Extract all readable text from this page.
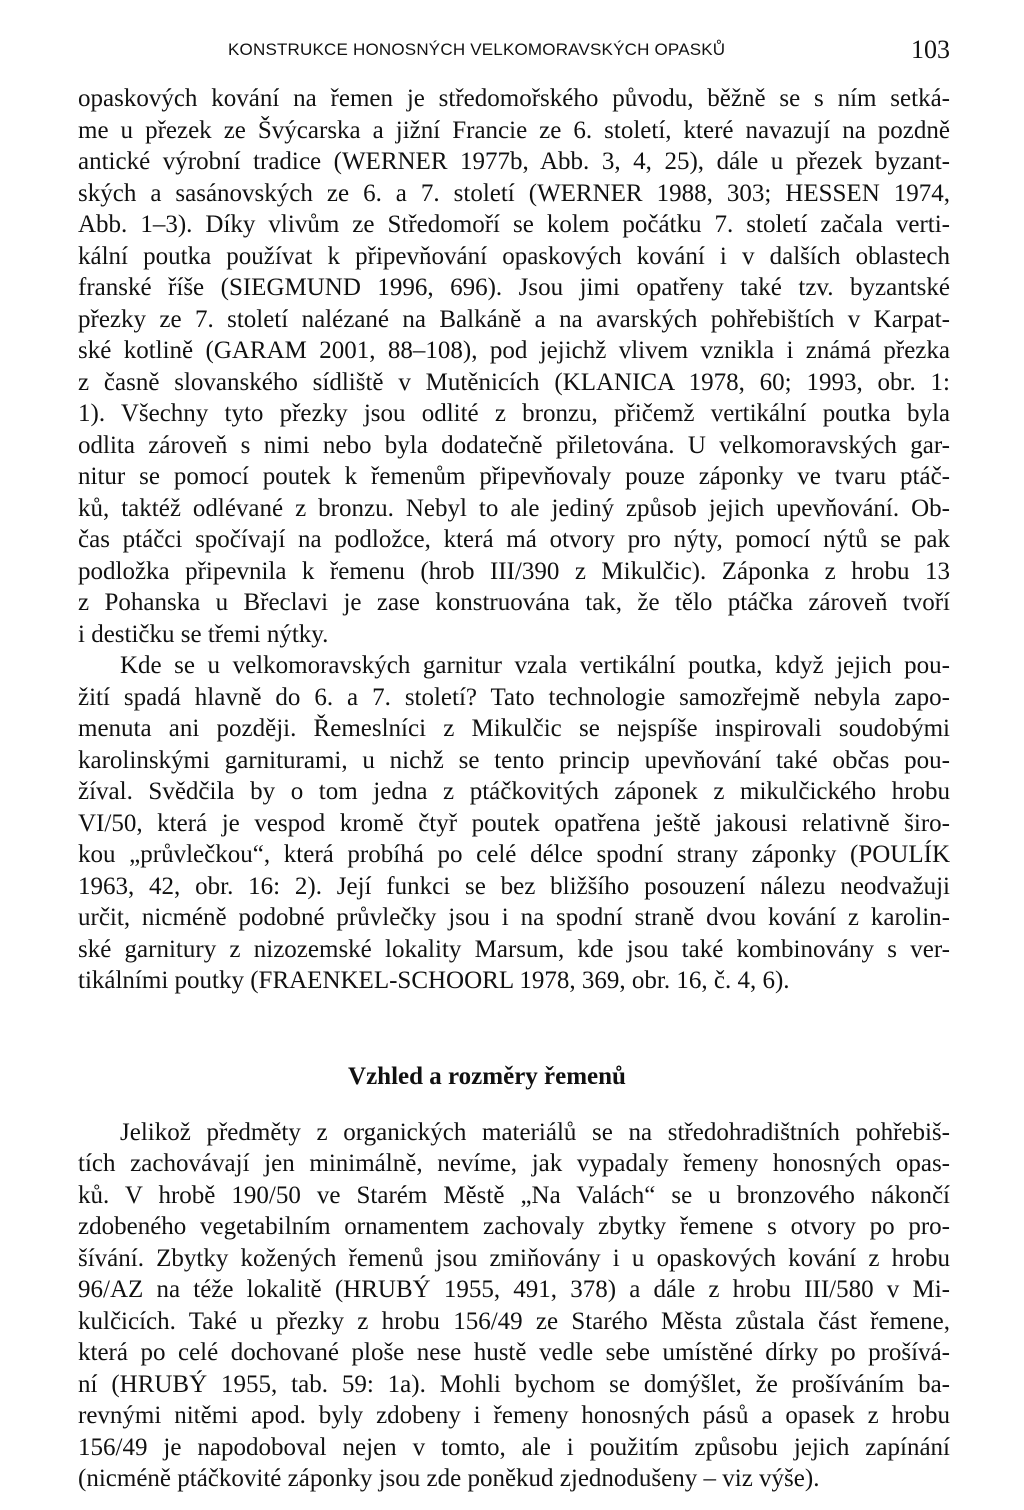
KONSTRUKCE HONOSNÝCH VELKOMORAVSKÝCH OPASKŮ	103
opaskových kování na řemen je středomořského původu, běžně se s ním setká-
me u přezek ze Švýcarska a jižní Francie ze 6. století, které navazují na pozdně
antické výrobní tradice (WERNER 1977b, Abb. 3, 4, 25), dále u přezek byzant-
ských a sasánovských ze 6. a 7. století (WERNER 1988, 303; HESSEN 1974,
Abb. 1–3). Díky vlivům ze Středomoří se kolem počátku 7. století začala verti-
kální poutka používat k připevňování opaskových kování i v dalších oblastech
franské říše (SIEGMUND 1996, 696). Jsou jimi opatřeny také tzv. byzantské
přezky ze 7. století nalézané na Balkáně a na avarských pohřebištích v Karpat-
ské kotlině (GARAM 2001, 88–108), pod jejichž vlivem vznikla i známá přezka
z časně slovanského sídliště v Mutěnicích (KLANICA 1978, 60; 1993, obr. 1:
1). Všechny tyto přezky jsou odlité z bronzu, přičemž vertikální poutka byla
odlita zároveň s nimi nebo byla dodatečně přiletována. U velkomoravských gar-
nitur se pomocí poutek k řemenům připevňovaly pouze záponky ve tvaru ptáč-
ků, taktéž odlévané z bronzu. Nebyl to ale jediný způsob jejich upevňování. Ob-
čas ptáčci spočívají na podložce, která má otvory pro nýty, pomocí nýtů se pak
podložka připevnila k řemenu (hrob III/390 z Mikulčic). Záponka z hrobu 13
z Pohanska u Břeclavi je zase konstruována tak, že tělo ptáčka zároveň tvoří
i destičku se třemi nýtky.
Kde se u velkomoravských garnitur vzala vertikální poutka, když jejich pou-
žití spadá hlavně do 6. a 7. století? Tato technologie samozřejmě nebyla zapo-
menuta ani později. Řemeslníci z Mikulčic se nejspíše inspirovali soudobými
karolinskými garniturami, u nichž se tento princip upevňování také občas pou-
žíval. Svědčila by o tom jedna z ptáčkovitých záponek z mikulčického hrobu
VI/50, která je vespod kromě čtyř poutek opatřena ještě jakousi relativně širo-
kou „průvlečkou“, která probíhá po celé délce spodní strany záponky (POULÍK
1963, 42, obr. 16: 2). Její funkci se bez bližšího posouzení nálezu neodvažuji
určit, nicméně podobné průvlečky jsou i na spodní straně dvou kování z karolin-
ské garnitury z nizozemské lokality Marsum, kde jsou také kombinovány s ver-
tikálními poutky (FRAENKEL-SCHOORL 1978, 369, obr. 16, č. 4, 6).
Vzhled a rozměry řemenů
Jelikož předměty z organických materiálů se na středohradištních pohřebiš-
tích zachovávají jen minimálně, nevíme, jak vypadaly řemeny honosných opas-
ků. V hrobě 190/50 ve Starém Městě „Na Valách“ se u bronzového nákončí
zdobeného vegetabilním ornamentem zachovaly zbytky řemene s otvory po pro-
šívání. Zbytky kožených řemenů jsou zmiňovány i u opaskových kování z hrobu
96/AZ na téže lokalitě (HRUBÝ 1955, 491, 378) a dále z hrobu III/580 v Mi-
kulčicích. Také u přezky z hrobu 156/49 ze Starého Města zůstala část řemene,
která po celé dochované ploše nese hustě vedle sebe umístěné dírky po prošívá-
ní (HRUBÝ 1955, tab. 59: 1a). Mohli bychom se domýšlet, že prošíváním ba-
revnými nitěmi apod. byly zdobeny i řemeny honosných pásů a opasek z hrobu
156/49 je napodoboval nejen v tomto, ale i použitím způsobu jejich zapínání
(nicméně ptáčkovité záponky jsou zde poněkud zjednodušeny – viz výše).
